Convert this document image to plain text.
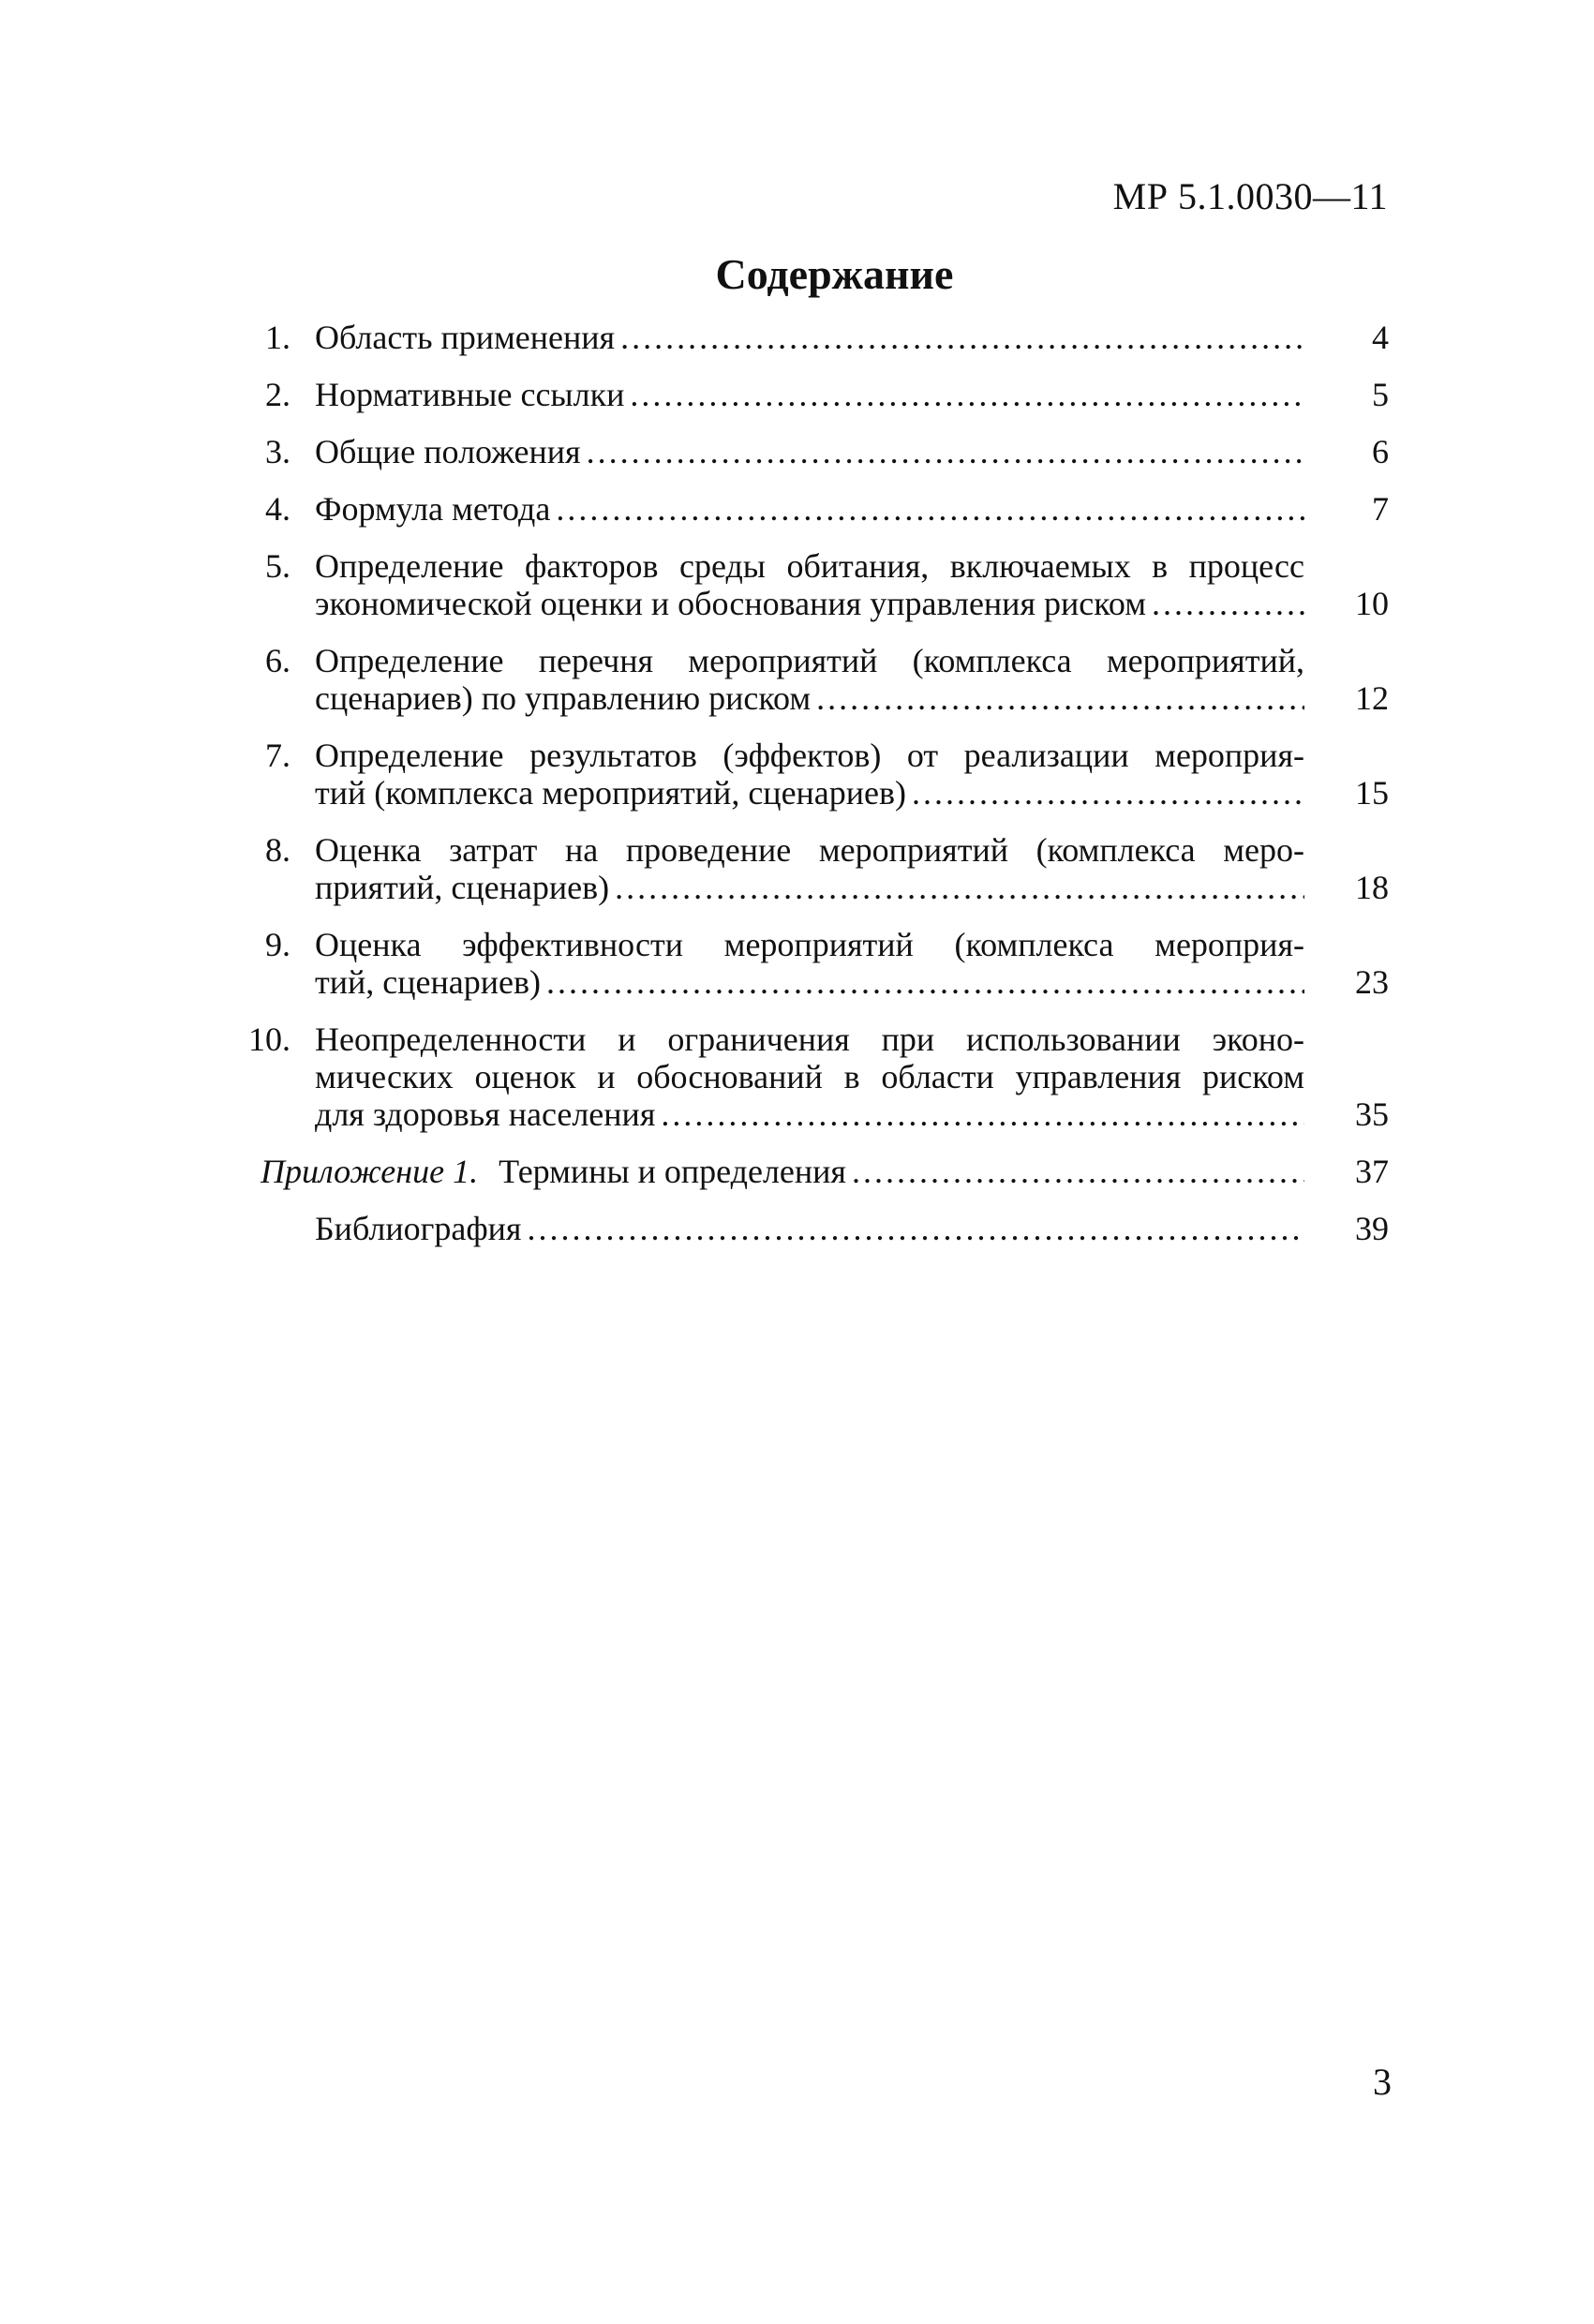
МР 5.1.0030—11
Содержание
1. Область применения .....	4
2. Нормативные ссылки .....	5
3. Общие положения .....	6
4. Формула метода .....	7
5. Определение факторов среды обитания, включаемых в процесс
экономической оценки и обоснования управления риском .....	10
6. Определение перечня мероприятий (комплекса мероприятий,
сценариев) по управлению риском .....	12
7. Определение результатов (эффектов) от реализации мероприя-
тий (комплекса мероприятий, сценариев) .....	15
8. Оценка затрат на проведение мероприятий (комплекса меро-
приятий, сценариев) .....	18
9. Оценка эффективности мероприятий (комплекса мероприя-
тий, сценариев) .....	23
10. Неопределенности и ограничения при использовании эконо-
мических оценок и обоснований в области управления риском
для здоровья населения .....	35
Приложение 1. Термины и определения .....	37
Библиография .....	39
3
